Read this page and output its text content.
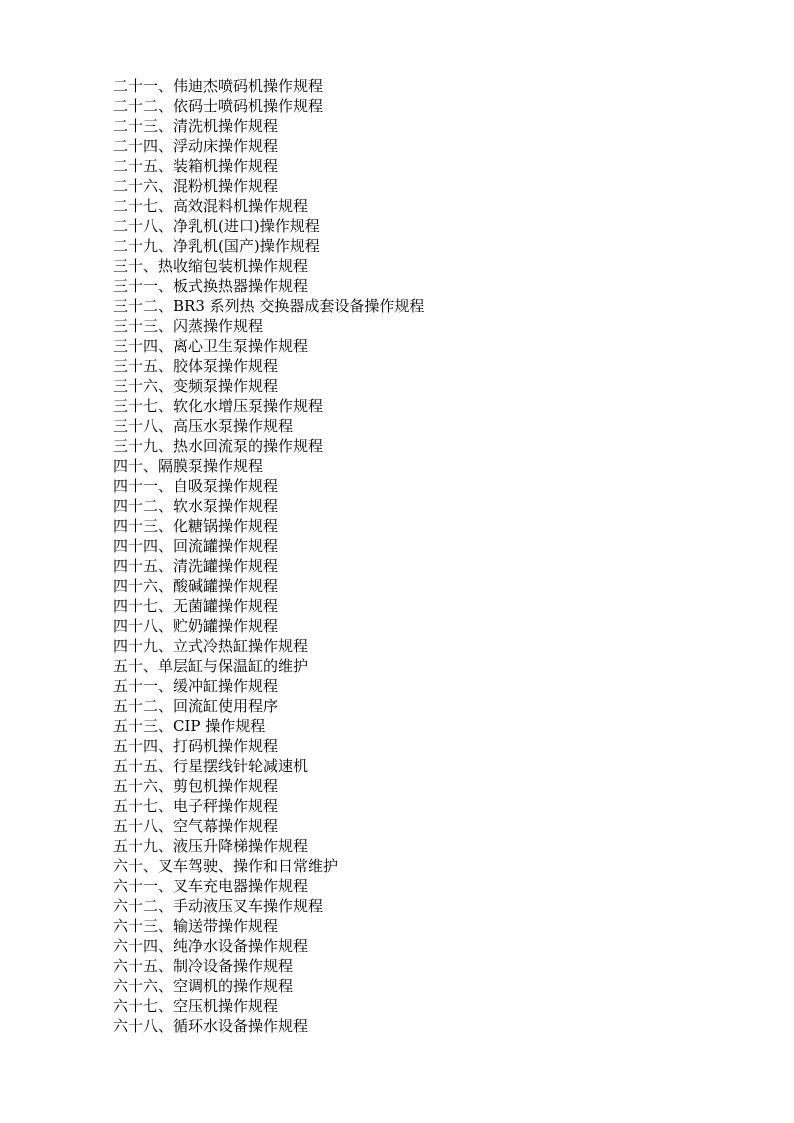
二十一、伟迪杰喷码机操作规程
二十二、依码士喷码机操作规程
二十三、清洗机操作规程
二十四、浮动床操作规程
二十五、装箱机操作规程
二十六、混粉机操作规程
二十七、高效混料机操作规程
二十八、净乳机(进口)操作规程
二十九、净乳机(国产)操作规程
三十、热收缩包装机操作规程
三十一、板式换热器操作规程
三十二、BR3 系列热 交换器成套设备操作规程
三十三、闪蒸操作规程
三十四、离心卫生泵操作规程
三十五、胶体泵操作规程
三十六、变频泵操作规程
三十七、软化水增压泵操作规程
三十八、高压水泵操作规程
三十九、热水回流泵的操作规程
四十、隔膜泵操作规程
四十一、自吸泵操作规程
四十二、软水泵操作规程
四十三、化糖锅操作规程
四十四、回流罐操作规程
四十五、清洗罐操作规程
四十六、酸碱罐操作规程
四十七、无菌罐操作规程
四十八、贮奶罐操作规程
四十九、立式冷热缸操作规程
五十、单层缸与保温缸的维护
五十一、缓冲缸操作规程
五十二、回流缸使用程序
五十三、CIP 操作规程
五十四、打码机操作规程
五十五、行星摆线针轮减速机
五十六、剪包机操作规程
五十七、电子秤操作规程
五十八、空气幕操作规程
五十九、液压升降梯操作规程
六十、叉车驾驶、操作和日常维护
六十一、叉车充电器操作规程
六十二、手动液压叉车操作规程
六十三、输送带操作规程
六十四、纯净水设备操作规程
六十五、制冷设备操作规程
六十六、空调机的操作规程
六十七、空压机操作规程
六十八、循环水设备操作规程
